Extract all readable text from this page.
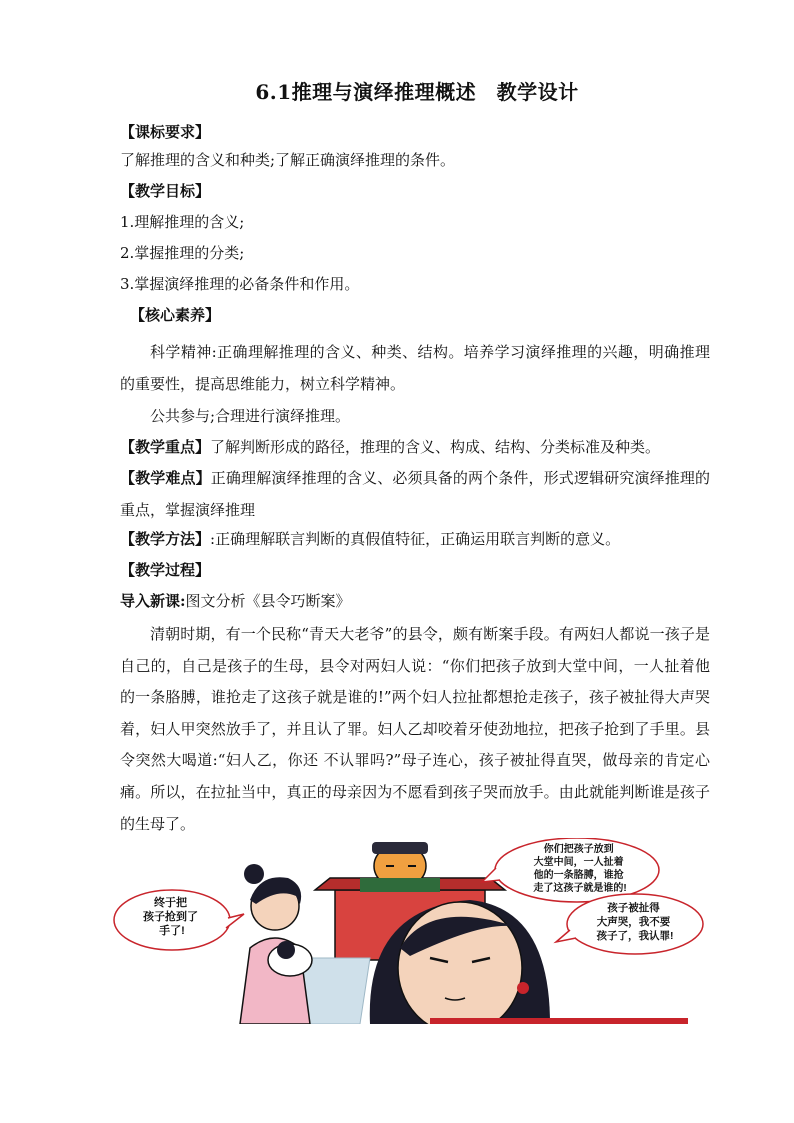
6.1推理与演绎推理概述　教学设计
【课标要求】
了解推理的含义和种类;了解正确演绎推理的条件。
【教学目标】
1.理解推理的含义;
2.掌握推理的分类;
3.掌握演绎推理的必备条件和作用。
【核心素养】
科学精神:正确理解推理的含义、种类、结构。培养学习演绎推理的兴趣，明确推理的重要性，提高思维能力，树立科学精神。
公共参与;合理进行演绎推理。
【教学重点】了解判断形成的路径，推理的含义、构成、结构、分类标准及种类。
【教学难点】正确理解演绎推理的含义、必须具备的两个条件，形式逻辑研究演绎推理的重点，掌握演绎推理
【教学方法】:正确理解联言判断的真假值特征，正确运用联言判断的意义。
【教学过程】
导入新课:图文分析《县令巧断案》
清朝时期，有一个民称“青天大老爷”的县令，颇有断案手段。有两妇人都说一孩子是自己的，自己是孩子的生母，县令对两妇人说：“你们把孩子放到大堂中间，一人扯着他的一条胳膊，谁抢走了这孩子就是谁的!”两个妇人拉扯都想抢走孩子，孩子被扯得大声哭着，妇人甲突然放手了，并且认了罪。妇人乙却咬着牙使劲地拉，把孩子抢到了手里。县令突然大喝道:“妇人乙，你还 不认罪吗?”母子连心，孩子被扯得直哭，做母亲的肯定心痛。所以，在拉扯当中，真正的母亲因为不愿看到孩子哭而放手。由此就能判断谁是孩子的生母了。
终于把 孩子抢到了 手了!
你们把孩子放到 大堂中间，一人扯着 他的一条胳膊，谁抢 走了这孩子就是谁的!
孩子被扯得 大声哭，我不要 孩子了，我认罪!
